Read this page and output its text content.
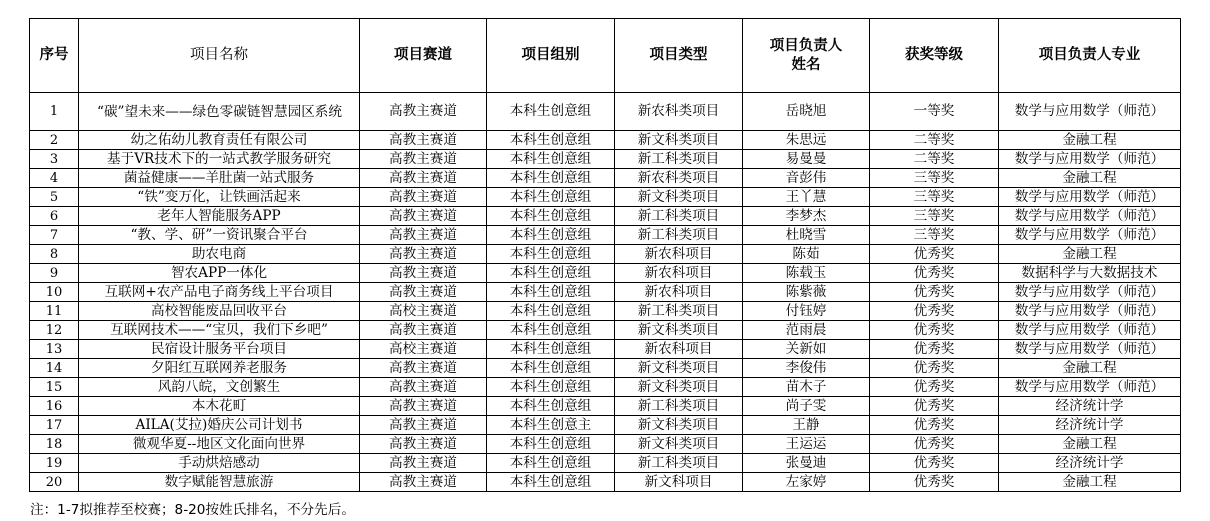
序号	项目名称	项目赛道	项目组别	项目类型	项目负责人姓名	获奖等级	项目负责人专业
1	“碳”望未来——绿色零碳链智慧园区系统	高教主赛道	本科生创意组	新农科类项目	岳晓旭	一等奖	数学与应用数学（师范）
2	幼之佑幼儿教育责任有限公司	高教主赛道	本科生创意组	新文科类项目	朱思远	二等奖	金融工程
3	基于VR技术下的一站式教学服务研究	高教主赛道	本科生创意组	新工科类项目	易曼曼	二等奖	数学与应用数学（师范）
4	菌益健康——羊肚菌一站式服务	高教主赛道	本科生创意组	新农科类项目	音彭伟	三等奖	金融工程
5	“铁”变万化，让铁画活起来	高教主赛道	本科生创意组	新文科类项目	王丫慧	三等奖	数学与应用数学（师范）
6	老年人智能服务APP	高教主赛道	本科生创意组	新工科类项目	李梦杰	三等奖	数学与应用数学（师范）
7	“教、学、研”一资讯聚合平台	高教主赛道	本科生创意组	新工科类项目	杜晓雪	三等奖	数学与应用数学（师范）
8	助农电商	高教主赛道	本科生创意组	新农科项目	陈茹	优秀奖	金融工程
9	智农APP一体化	高教主赛道	本科生创意组	新农科项目	陈载玉	优秀奖	数据科学与大数据技术
10	互联网+农产品电子商务线上平台项目	高教主赛道	本科生创意组	新农科项目	陈紫薇	优秀奖	数学与应用数学（师范）
11	高校智能废品回收平台	高校主赛道	本科生创意组	新工科类项目	付钰婷	优秀奖	数学与应用数学（师范）
12	互联网技术——“宝贝，我们下乡吧”	高教主赛道	本科生创意组	新文科类项目	范雨晨	优秀奖	数学与应用数学（师范）
13	民宿设计服务平台项目	高校主赛道	本科生创意组	新农科项目	关新如	优秀奖	数学与应用数学（师范）
14	夕阳红互联网养老服务	高教主赛道	本科生创意组	新文科类项目	李俊伟	优秀奖	金融工程
15	风韵八皖，文创繁生	高教主赛道	本科生创意组	新文科类项目	苗木子	优秀奖	数学与应用数学（师范）
16	本木花町	高教主赛道	本科生创意组	新工科类项目	尚子雯	优秀奖	经济统计学
17	AILA(艾拉)婚庆公司计划书	高教主赛道	本科生创意主	新文科类项目	王静	优秀奖	经济统计学
18	微观华夏--地区文化面向世界	高教主赛道	本科生创意组	新文科类项目	王运运	优秀奖	金融工程
19	手动烘焙感动	高教主赛道	本科生创意组	新工科类项目	张曼迪	优秀奖	经济统计学
20	数字赋能智慧旅游	高教主赛道	本科生创意组	新文科项目	左家婷	优秀奖	金融工程
注：1-7拟推荐至校赛；8-20按姓氏排名，不分先后。
